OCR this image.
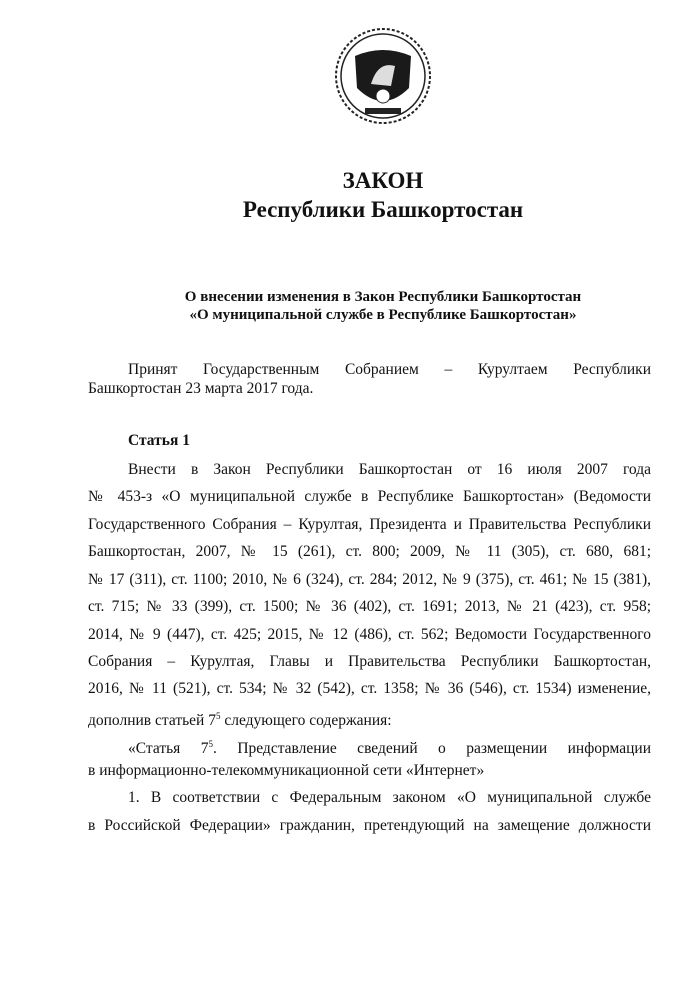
ЗАКОН
Республики Башкортостан
О внесении изменения в Закон Республики Башкортостан
«О муниципальной службе в Республике Башкортостан»
Принят Государственным Собранием – Курултаем Республики
Башкортостан 23 марта 2017 года.
Статья 1
Внести в Закон Республики Башкортостан от 16 июля 2007 года
№ 453-з «О муниципальной службе в Республике Башкортостан» (Ведомости
Государственного Собрания – Курултая, Президента и Правительства Республики
Башкортостан, 2007, № 15 (261), ст. 800; 2009, № 11 (305), ст. 680, 681;
№ 17 (311), ст. 1100; 2010, № 6 (324), ст. 284; 2012, № 9 (375), ст. 461; № 15 (381),
ст. 715; № 33 (399), ст. 1500; № 36 (402), ст. 1691; 2013, № 21 (423), ст. 958;
2014, № 9 (447), ст. 425; 2015, № 12 (486), ст. 562; Ведомости Государственного
Собрания – Курултая, Главы и Правительства Республики Башкортостан,
2016, № 11 (521), ст. 534; № 32 (542), ст. 1358; № 36 (546), ст. 1534) изменение,
дополнив статьей $7^5$ следующего содержания:
«Статья $7^5$. Представление сведений о размещении информации
в информационно-телекоммуникационной сети «Интернет»
1. В соответствии с Федеральным законом «О муниципальной службе
в Российской Федерации» гражданин, претендующий на замещение должности
